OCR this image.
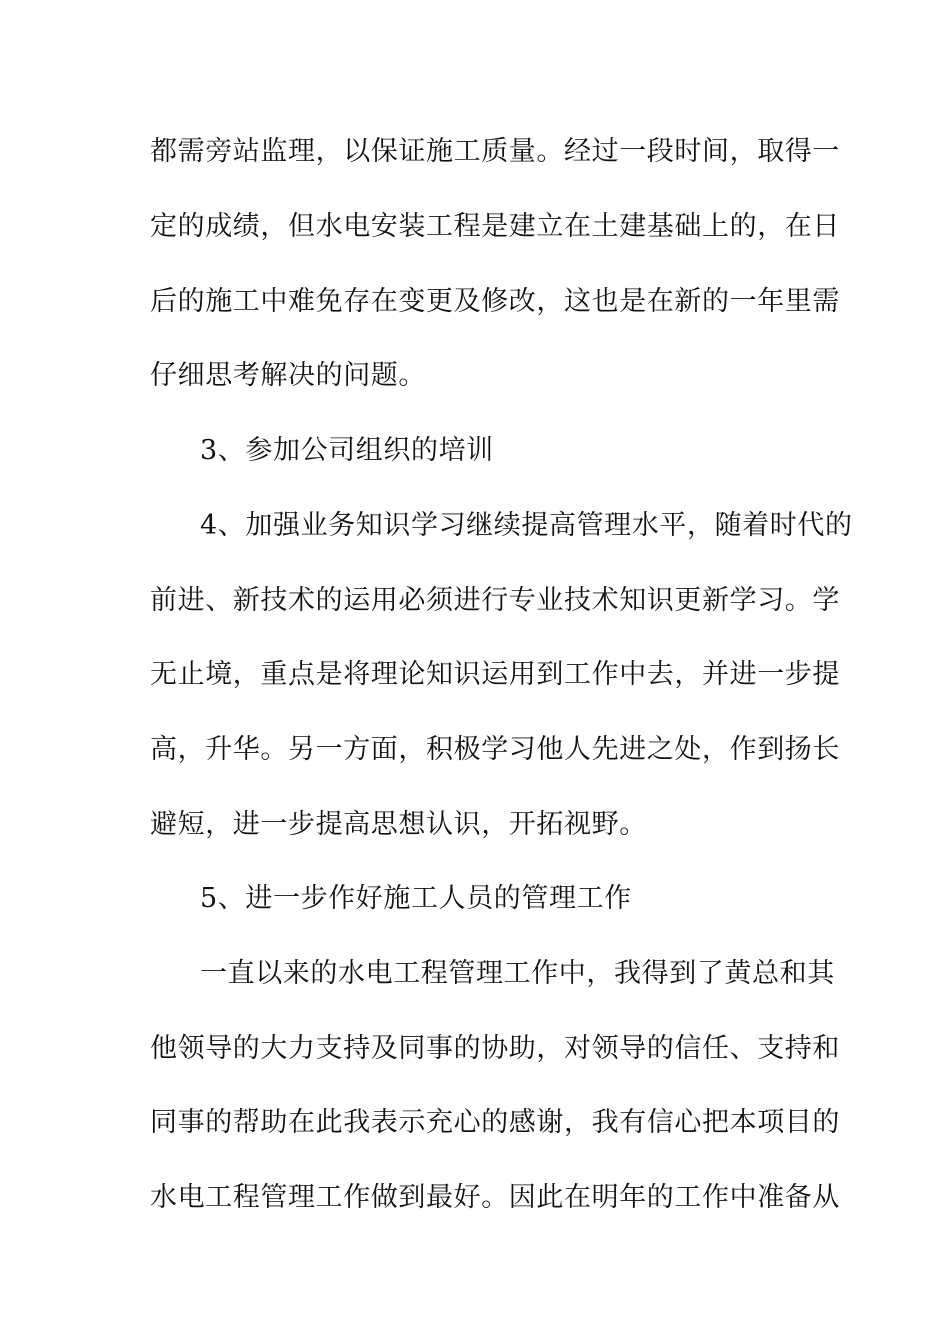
都需旁站监理，以保证施工质量。经过一段时间，取得一
定的成绩，但水电安装工程是建立在土建基础上的，在日
后的施工中难免存在变更及修改，这也是在新的一年里需
仔细思考解决的问题。
3、参加公司组织的培训
4、加强业务知识学习继续提高管理水平，随着时代的
前进、新技术的运用必须进行专业技术知识更新学习。学
无止境，重点是将理论知识运用到工作中去，并进一步提
高，升华。另一方面，积极学习他人先进之处，作到扬长
避短，进一步提高思想认识，开拓视野。
5、进一步作好施工人员的管理工作
一直以来的水电工程管理工作中，我得到了黄总和其
他领导的大力支持及同事的协助，对领导的信任、支持和
同事的帮助在此我表示充心的感谢，我有信心把本项目的
水电工程管理工作做到最好。因此在明年的工作中准备从
